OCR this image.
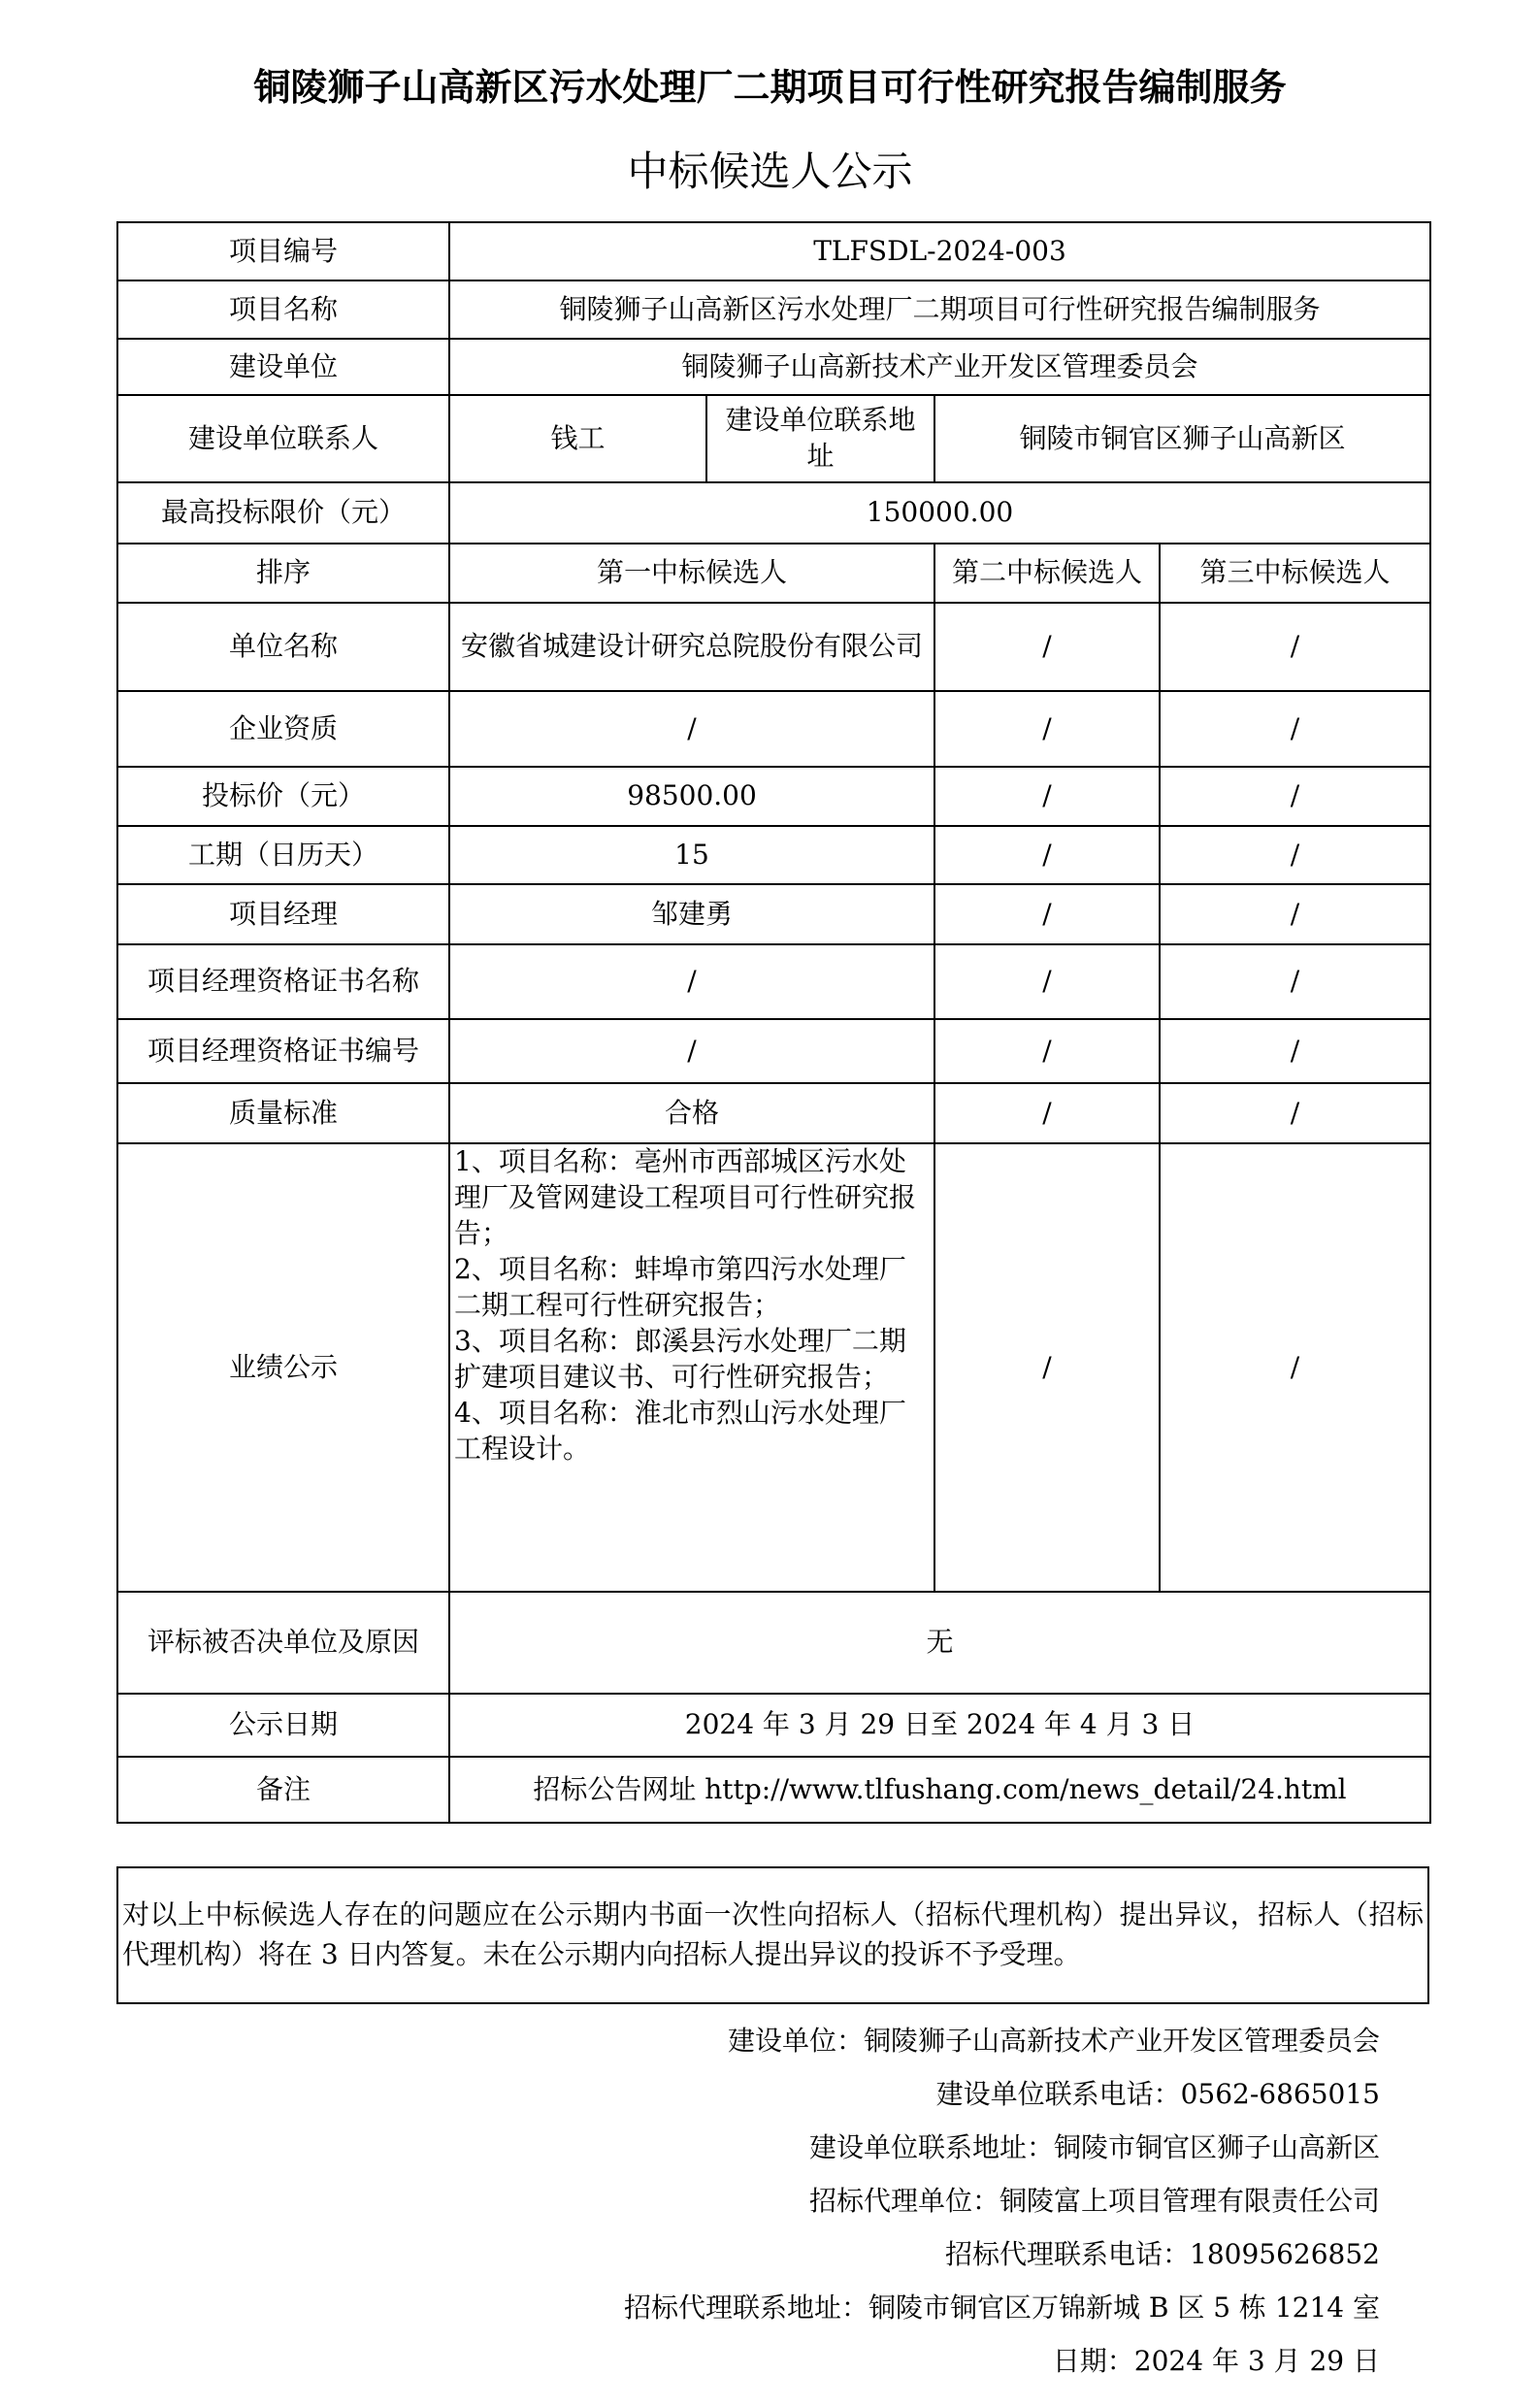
铜陵狮子山高新区污水处理厂二期项目可行性研究报告编制服务
中标候选人公示
项目编号	TLFSDL-2024-003			
项目名称	铜陵狮子山高新区污水处理厂二期项目可行性研究报告编制服务			
建设单位	铜陵狮子山高新技术产业开发区管理委员会			
建设单位联系人	钱工	建设单位联系地址	铜陵市铜官区狮子山高新区	
最高投标限价（元）	150000.00			
排序	第一中标候选人		第二中标候选人	第三中标候选人
单位名称	安徽省城建设计研究总院股份有限公司		/	/
企业资质	/		/	/
投标价（元）	98500.00		/	/
工期（日历天）	15		/	/
项目经理	邹建勇		/	/
项目经理资格证书名称	/		/	/
项目经理资格证书编号	/		/	/
质量标准	合格		/	/
业绩公示	1、项目名称：亳州市西部城区污水处理厂及管网建设工程项目可行性研究报告；
2、项目名称：蚌埠市第四污水处理厂二期工程可行性研究报告；
3、项目名称：郎溪县污水处理厂二期扩建项目建议书、可行性研究报告；
4、项目名称：淮北市烈山污水处理厂工程设计。		/	/
评标被否决单位及原因	无			
公示日期	2024 年 3 月 29 日至 2024 年 4 月 3 日			
备注	招标公告网址 http://www.tlfushang.com/news_detail/24.html			

对以上中标候选人存在的问题应在公示期内书面一次性向招标人（招标代理机构）提出异议，招标人（招标代理机构）将在 3 日内答复。未在公示期内向招标人提出异议的投诉不予受理。

建设单位：铜陵狮子山高新技术产业开发区管理委员会
建设单位联系电话：0562-6865015
建设单位联系地址：铜陵市铜官区狮子山高新区
招标代理单位：铜陵富上项目管理有限责任公司
招标代理联系电话：18095626852
招标代理联系地址：铜陵市铜官区万锦新城 B 区 5 栋 1214 室
日期：2024 年 3 月 29 日
